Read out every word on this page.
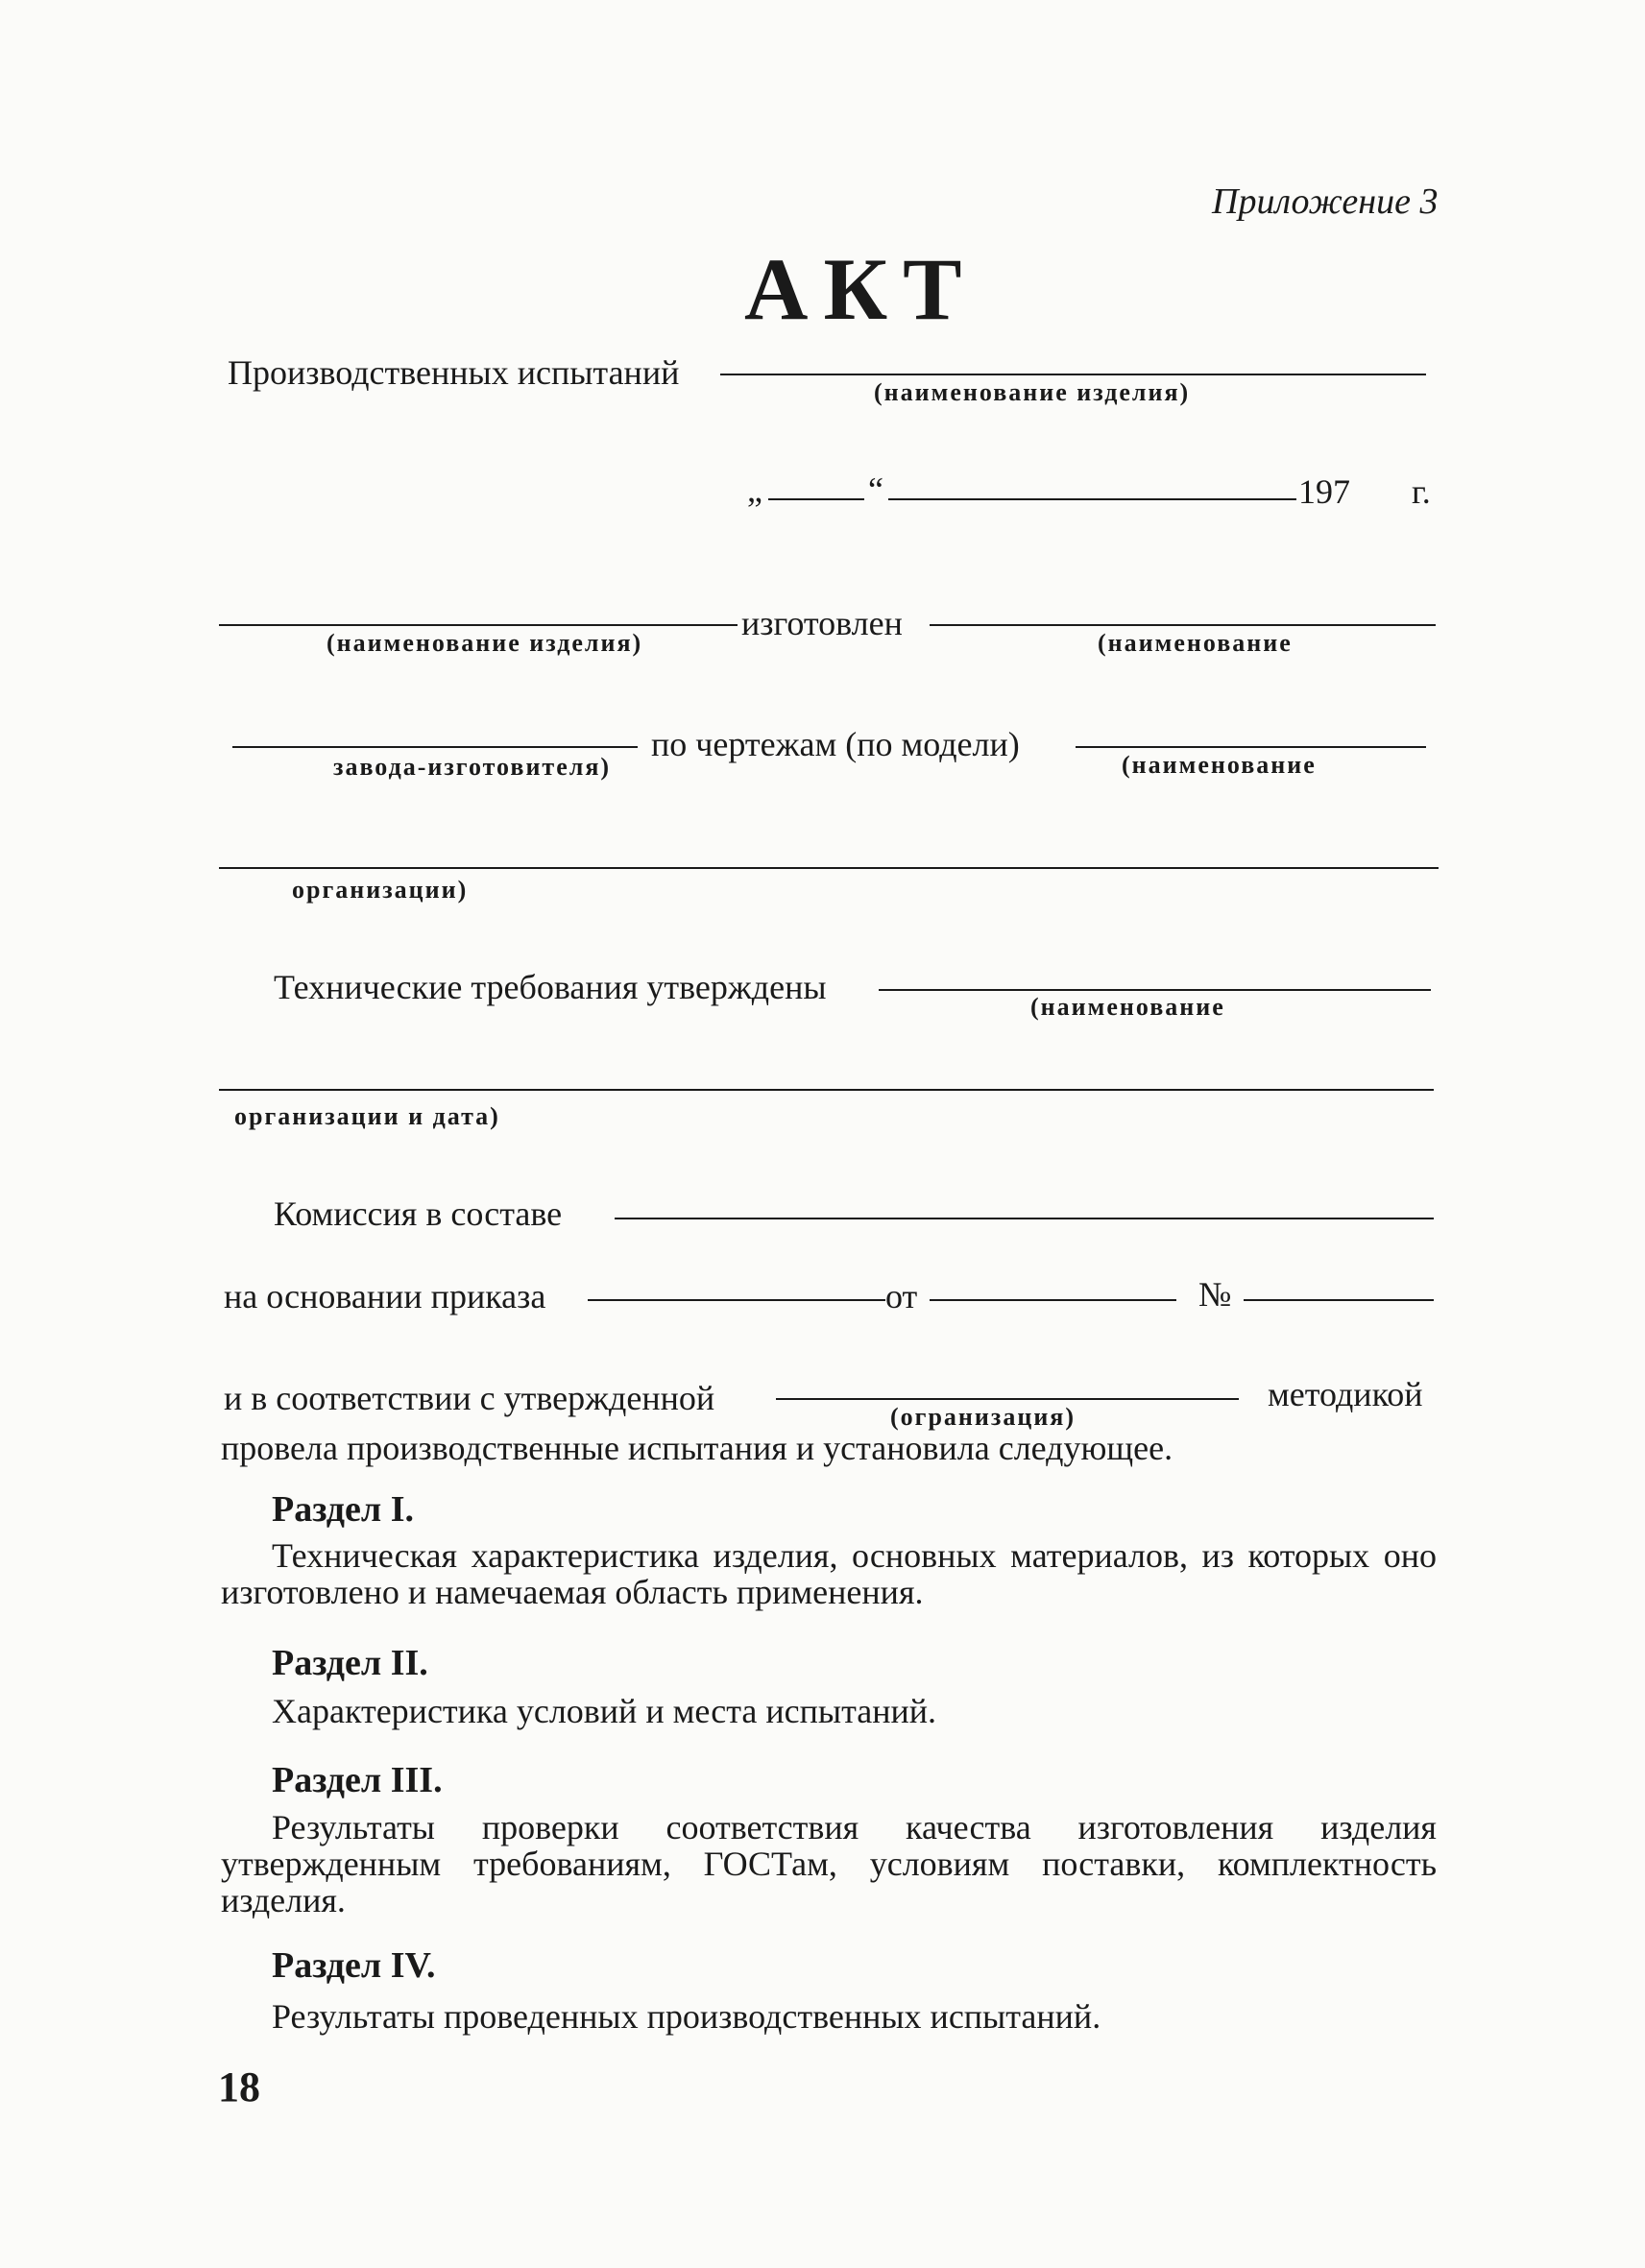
Приложение 3
АКТ
Производственных испытаний
(наименование изделия)
„	“	197 г.
(наименование изделия)
изготовлен
(наименование
завода-изготовителя)
по чертежам (по модели)
(наименование
организации)
Технические требования утверждены
(наименование
организации и дата)
Комиссия в составе
на основании приказа	от	№
и в соответствии с утвержденной	(огранизация)
методикой
провела производственные испытания и установила следующее.
Раздел I.
Техническая характеристика изделия, основных материалов, из которых оно изготовлено и намечаемая область применения.
Раздел II.
Характеристика условий и места испытаний.
Раздел III.
Результаты проверки соответствия качества изготовления изделия утвержденным требованиям, ГОСТам, условиям поставки, комплектность изделия.
Раздел IV.
Результаты проведенных производственных испытаний.
18
